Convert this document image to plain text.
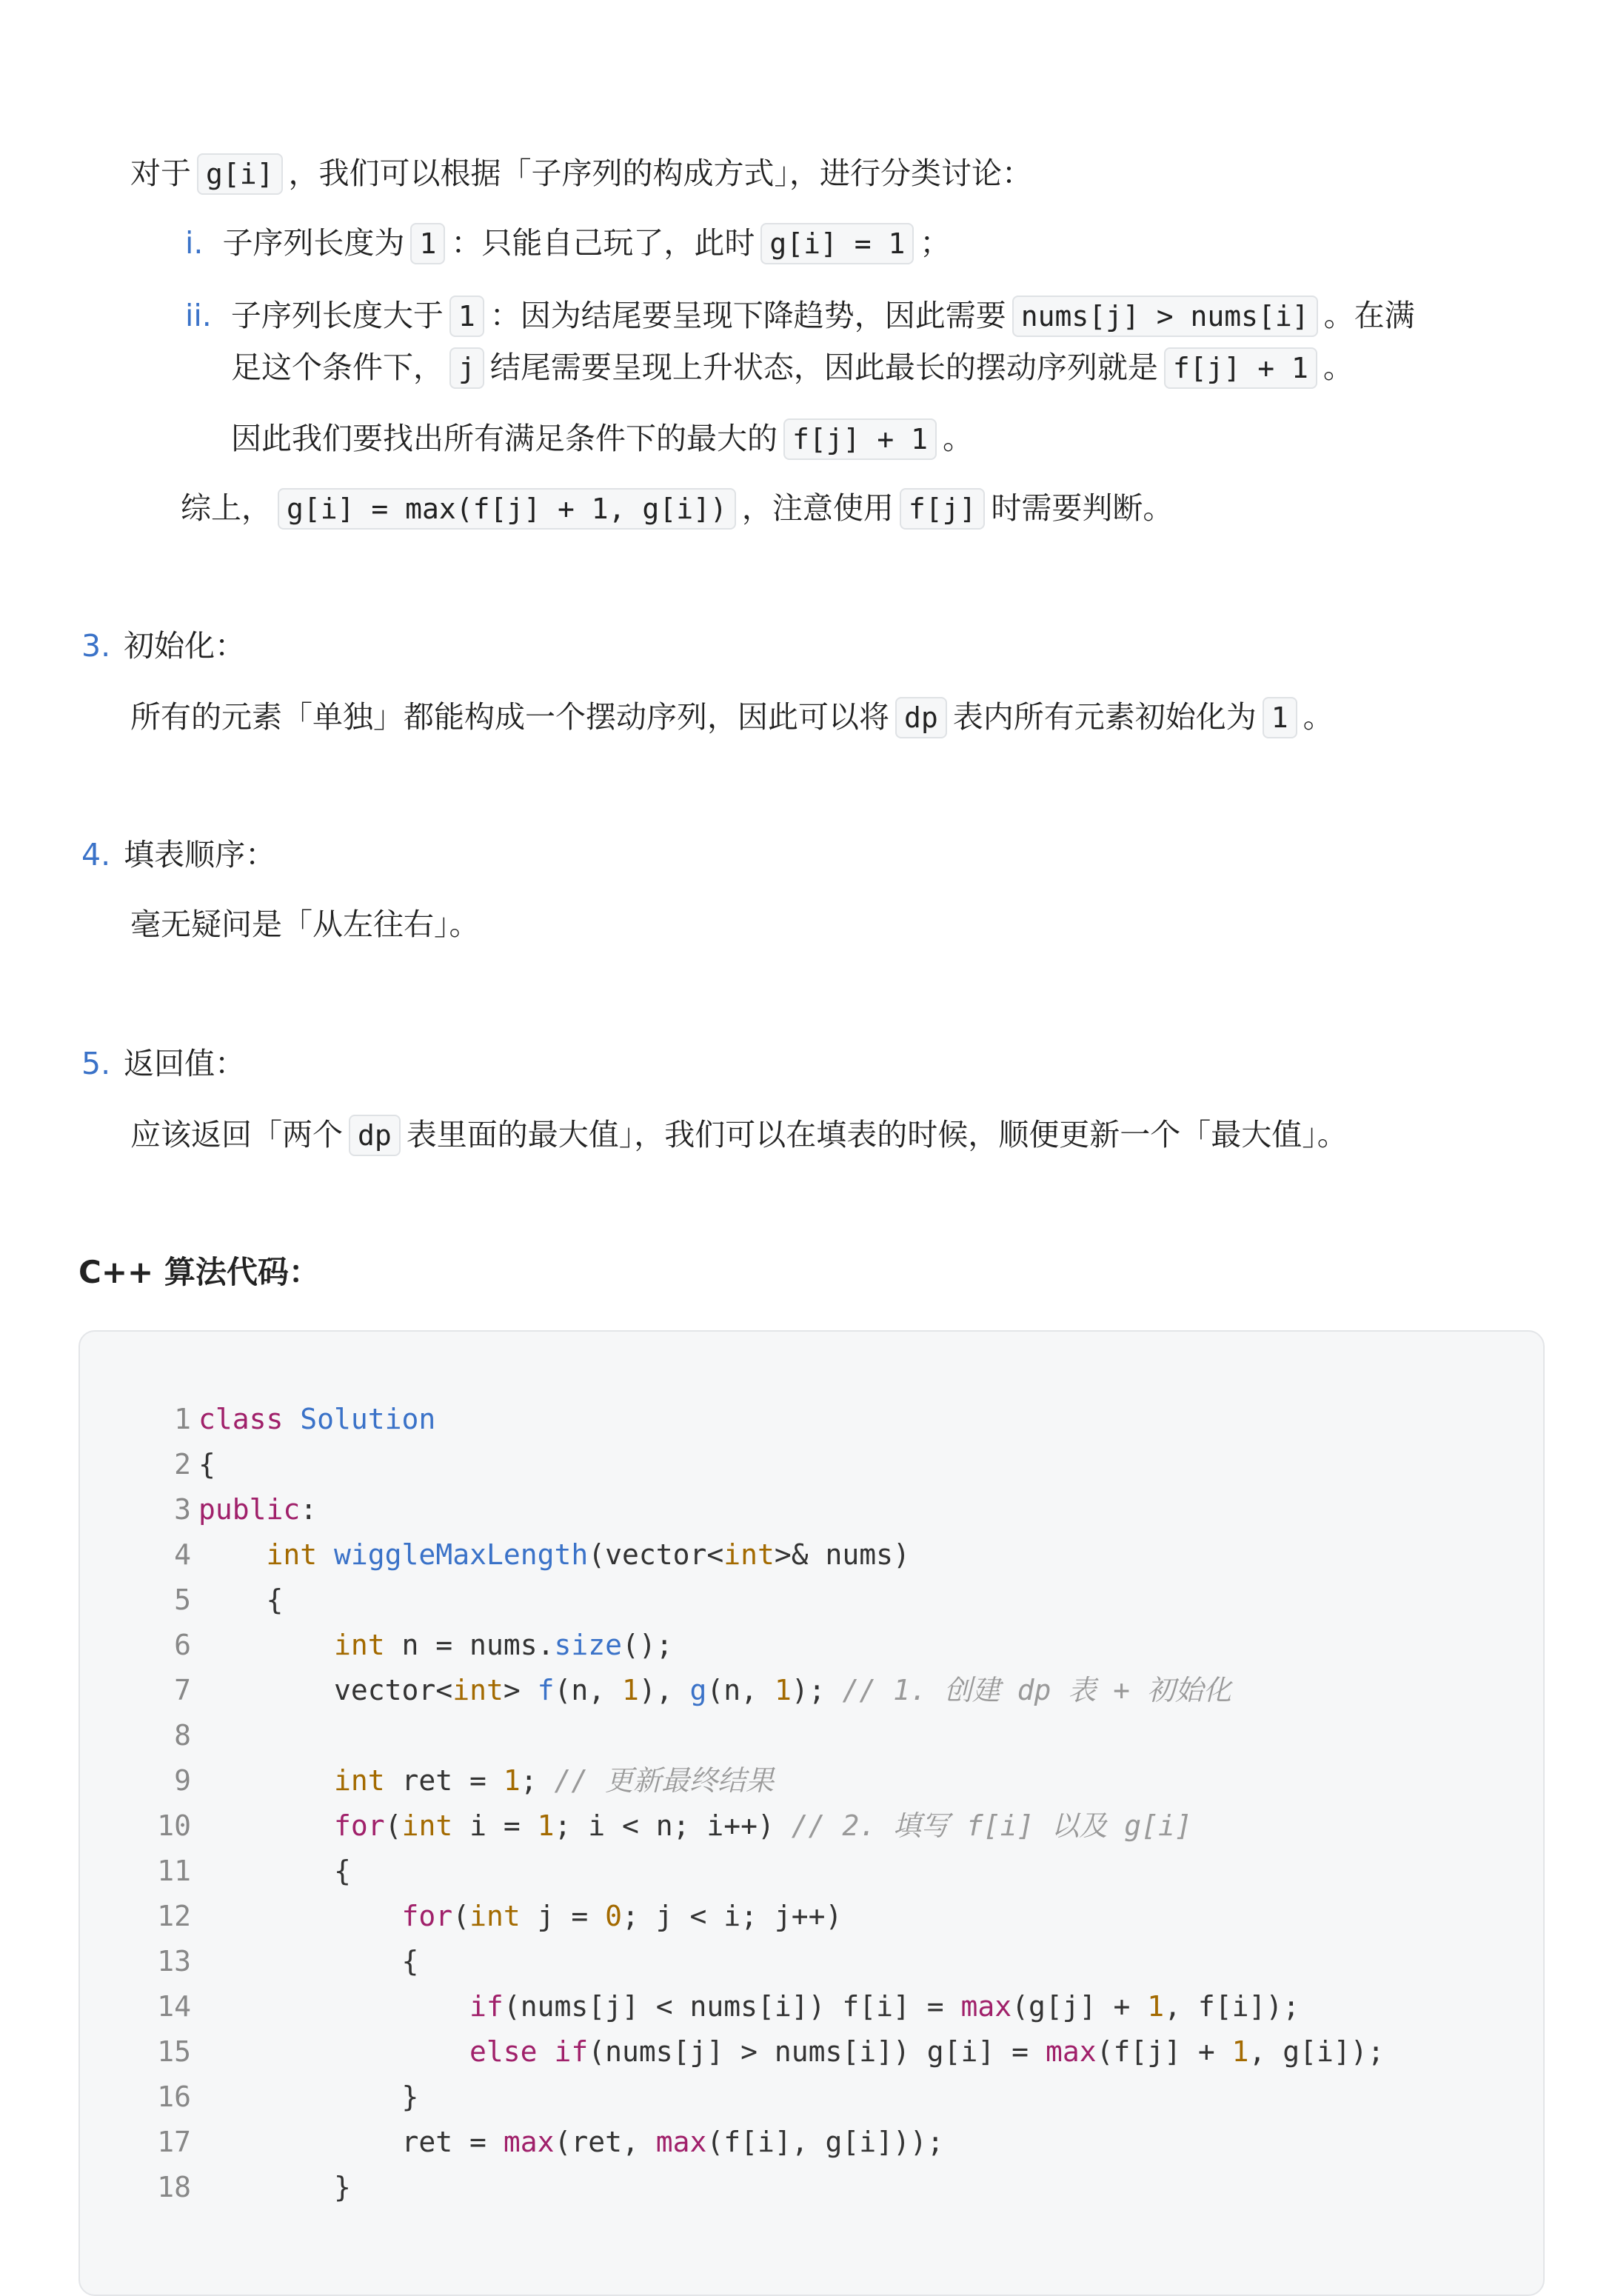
对于 g[i] ，我们可以根据「子序列的构成方式」，进行分类讨论：
i. 子序列长度为 1 ：只能自己玩了，此时 g[i] = 1 ；
ii. 子序列长度大于 1 ：因为结尾要呈现下降趋势，因此需要 nums[j] > nums[i] 。在满
足这个条件下， j 结尾需要呈现上升状态，因此最长的摆动序列就是 f[j] + 1 。
因此我们要找出所有满足条件下的最大的 f[j] + 1 。
综上， g[i] = max(f[j] + 1, g[i]) ，注意使用 f[j] 时需要判断。
3. 初始化：
所有的元素「单独」都能构成一个摆动序列，因此可以将 dp 表内所有元素初始化为 1 。
4. 填表顺序：
毫无疑问是「从左往右」。
5. 返回值：
应该返回「两个 dp 表里面的最大值」，我们可以在填表的时候，顺便更新一个「最大值」。
C++ 算法代码：
1 class Solution
2 {
3 public:
4	int wiggleMaxLength(vector<int>& nums)
5	{
6	int n = nums.size();
7	vector<int> f(n, 1), g(n, 1); // 1. 创建 dp 表 + 初始化
8
9	int ret = 1; // 更新最终结果
10	for(int i = 1; i < n; i++) // 2. 填写 f[i] 以及 g[i]
11	{
12	for(int j = 0; j < i; j++)
13	{
14	if(nums[j] < nums[i]) f[i] = max(g[j] + 1, f[i]);
15	else if(nums[j] > nums[i]) g[i] = max(f[j] + 1, g[i]);
16	}
17	ret = max(ret, max(f[i], g[i]));
18	}
